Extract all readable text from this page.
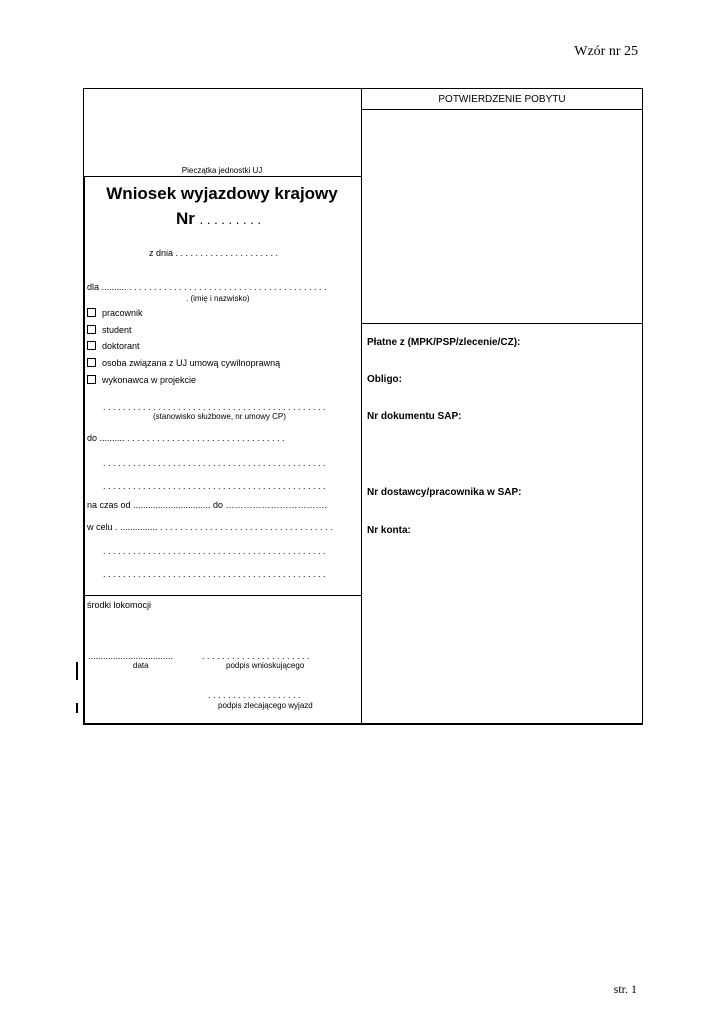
Wzór nr 25
Pieczątka jednostki UJ
Wniosek wyjazdowy krajowy
Nr . . . . . . . . .
z dnia . . . . . . . . . . . . . . . . . . . . .
dla .......... . . . . . . . . . . . . . . . . . . . . . . . . . . . . . . . . . . . . . . . .
. (imię i nazwisko)
pracownik
student
doktorant
osoba związana z UJ umową cywilnoprawną
wykonawca w projekcie
. . . . . . . . . . . . . . . . . . . . . . . . . . . . . . . . . . . . . . . . . . . . .
(stanowisko służbowe, nr umowy CP)
do .......... . . . . . . . . . . . . . . . . . . . . . . . . . . . . . . . .
. . . . . . . . . . . . . . . . . . . . . . . . . . . . . . . . . . . . . . . . . . . . .
. . . . . . . . . . . . . . . . . . . . . . . . . . . . . . . . . . . . . . . . . . . . .
na czas od ............................... do …………………………….
w celu . ............... . . . . . . . . . . . . . . . . . . . . . . . . . . . . . . . . . . .
. . . . . . . . . . . . . . . . . . . . . . . . . . . . . . . . . . . . . . . . . . . . .
. . . . . . . . . . . . . . . . . . . . . . . . . . . . . . . . . . . . . . . . . . . . .
środki lokomocji
..................................
data
. . . . . . . . . . . . . . . . . . . . . .
podpis wnioskującego
. . . . . . . . . . . . . . . . . . .
podpis zlecającego wyjazd
POTWIERDZENIE POBYTU
Płatne z (MPK/PSP/zlecenie/CZ):
Obligo:
Nr dokumentu SAP:
Nr dostawcy/pracownika w SAP:
Nr konta:
str. 1
